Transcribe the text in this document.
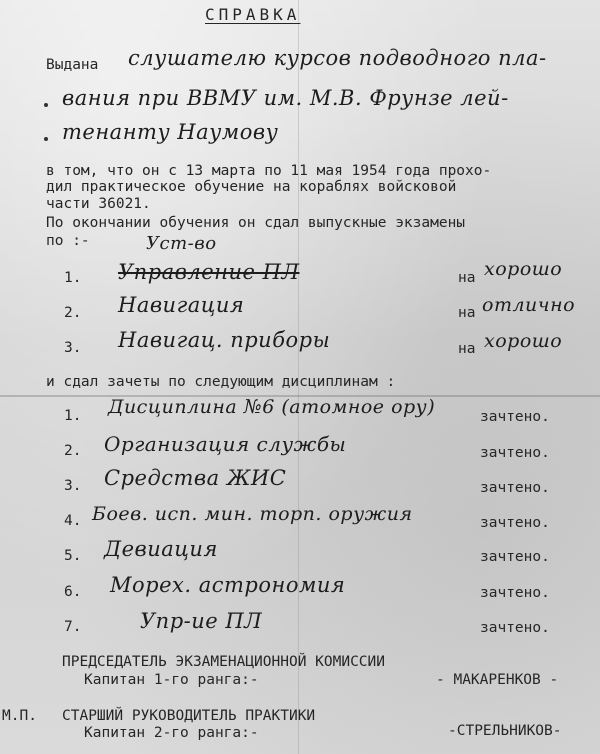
СПРАВКА
Выдана слушателю курсов подводного пла-
вания при ВВМУ им. М.В. Фрунзе лей-
тенанту Наумову
в том, что он с 13 марта по 11 мая 1954 года прохо-
дил практическое обучение на кораблях войсковой
части 36021.
По окончании обучения он сдал выпускные экзамены
по :-	Уст-во
1. Управление ПЛ	на хорошо
2. Навигация	на отлично
3. Навигац. приборы	на хорошо
и сдал зачеты по следующим дисциплинам :
1. Дисциплина №6 (атомное ору)	зачтено.
2. Организация службы	зачтено.
3. Средства ЖИС	зачтено.
4. Боев. исп. мин. торп. оружия	зачтено.
5. Девиация	зачтено.
6. Морех. астрономия	зачтено.
7.	Упр-ие ПЛ	зачтено.
ПРЕДСЕДАТЕЛЬ ЭКЗАМЕНАЦИОННОЙ КОМИССИИ
Капитан 1-го ранга:-	- МАКАРЕНКОВ -
М.П. СТАРШИЙ РУКОВОДИТЕЛЬ ПРАКТИКИ
Капитан 2-го ранга:-	-СТРЕЛЬНИКОВ-
